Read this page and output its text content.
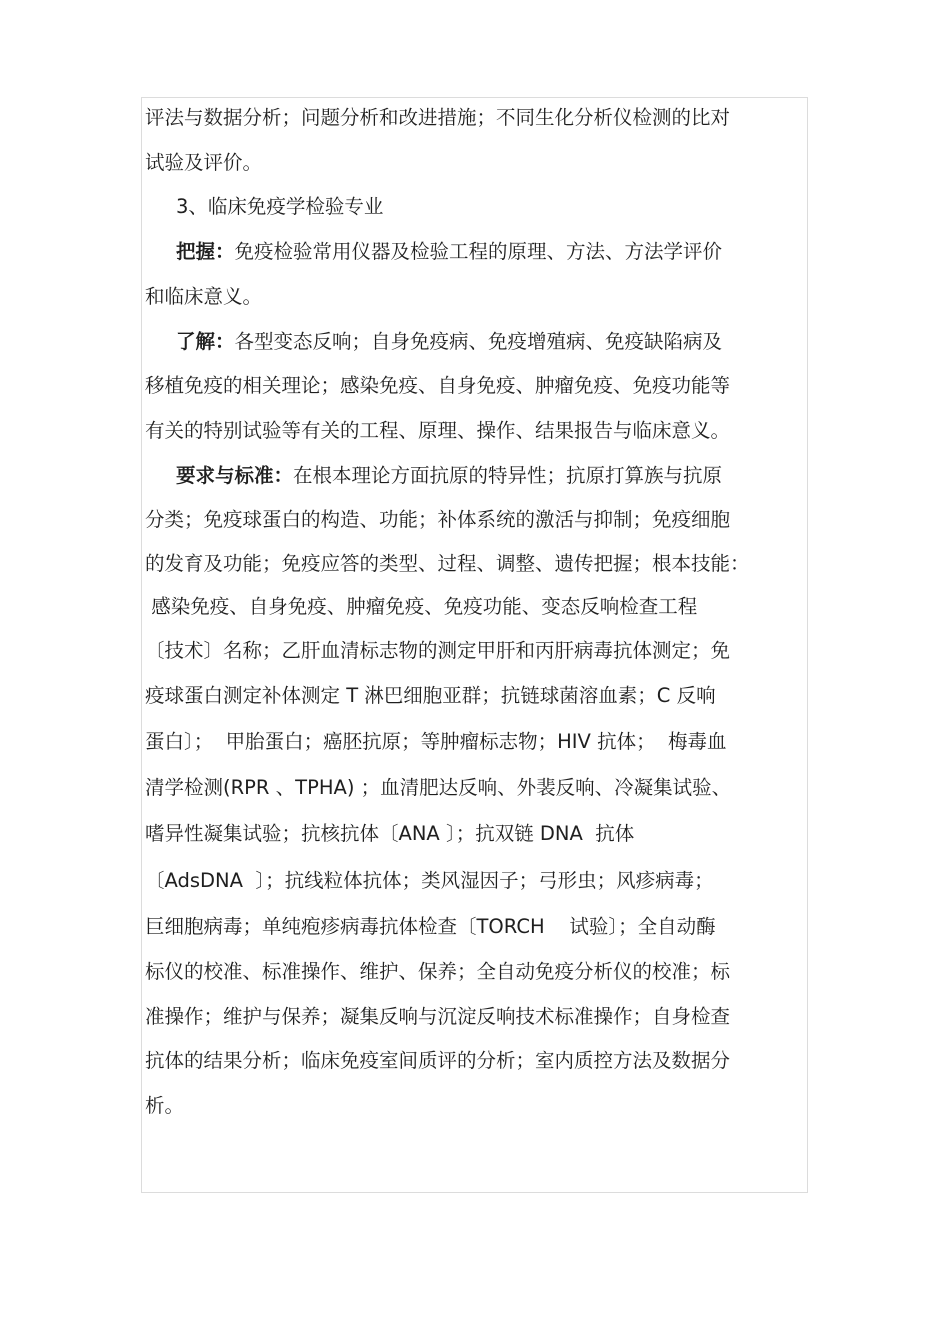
评法与数据分析；问题分析和改进措施；不同生化分析仪检测的比对
试验及评价。
3、临床免疫学检验专业
把握：免疫检验常用仪器及检验工程的原理、方法、方法学评价
和临床意义。
了解：各型变态反响；自身免疫病、免疫增殖病、免疫缺陷病及
移植免疫的相关理论；感染免疫、自身免疫、肿瘤免疫、免疫功能等
有关的特别试验等有关的工程、原理、操作、结果报告与临床意义。
要求与标准：在根本理论方面抗原的特异性；抗原打算族与抗原
分类；免疫球蛋白的构造、功能；补体系统的激活与抑制；免疫细胞
的发育及功能；免疫应答的类型、过程、调整、遗传把握；根本技能：
感染免疫、自身免疫、肿瘤免疫、免疫功能、变态反响检查工程
〔技术〕名称；乙肝血清标志物的测定甲肝和丙肝病毒抗体测定；免
疫球蛋白测定补体测定 T 淋巴细胞亚群；抗链球菌溶血素；C 反响
蛋白〕；  甲胎蛋白；癌胚抗原；等肿瘤标志物；HIV 抗体；  梅毒血
清学检测(RPR 、TPHA) ；血清肥达反响、外裴反响、冷凝集试验、
嗜异性凝集试验；抗核抗体〔ANA 〕；抗双链 DNA  抗体
〔AdsDNA  〕；抗线粒体抗体；类风湿因子；弓形虫；风疹病毒；
巨细胞病毒；单纯疱疹病毒抗体检查〔TORCH    试验〕；全自动酶
标仪的校准、标准操作、维护、保养；全自动免疫分析仪的校准；标
准操作；维护与保养；凝集反响与沉淀反响技术标准操作；自身检查
抗体的结果分析；临床免疫室间质评的分析；室内质控方法及数据分
析。
